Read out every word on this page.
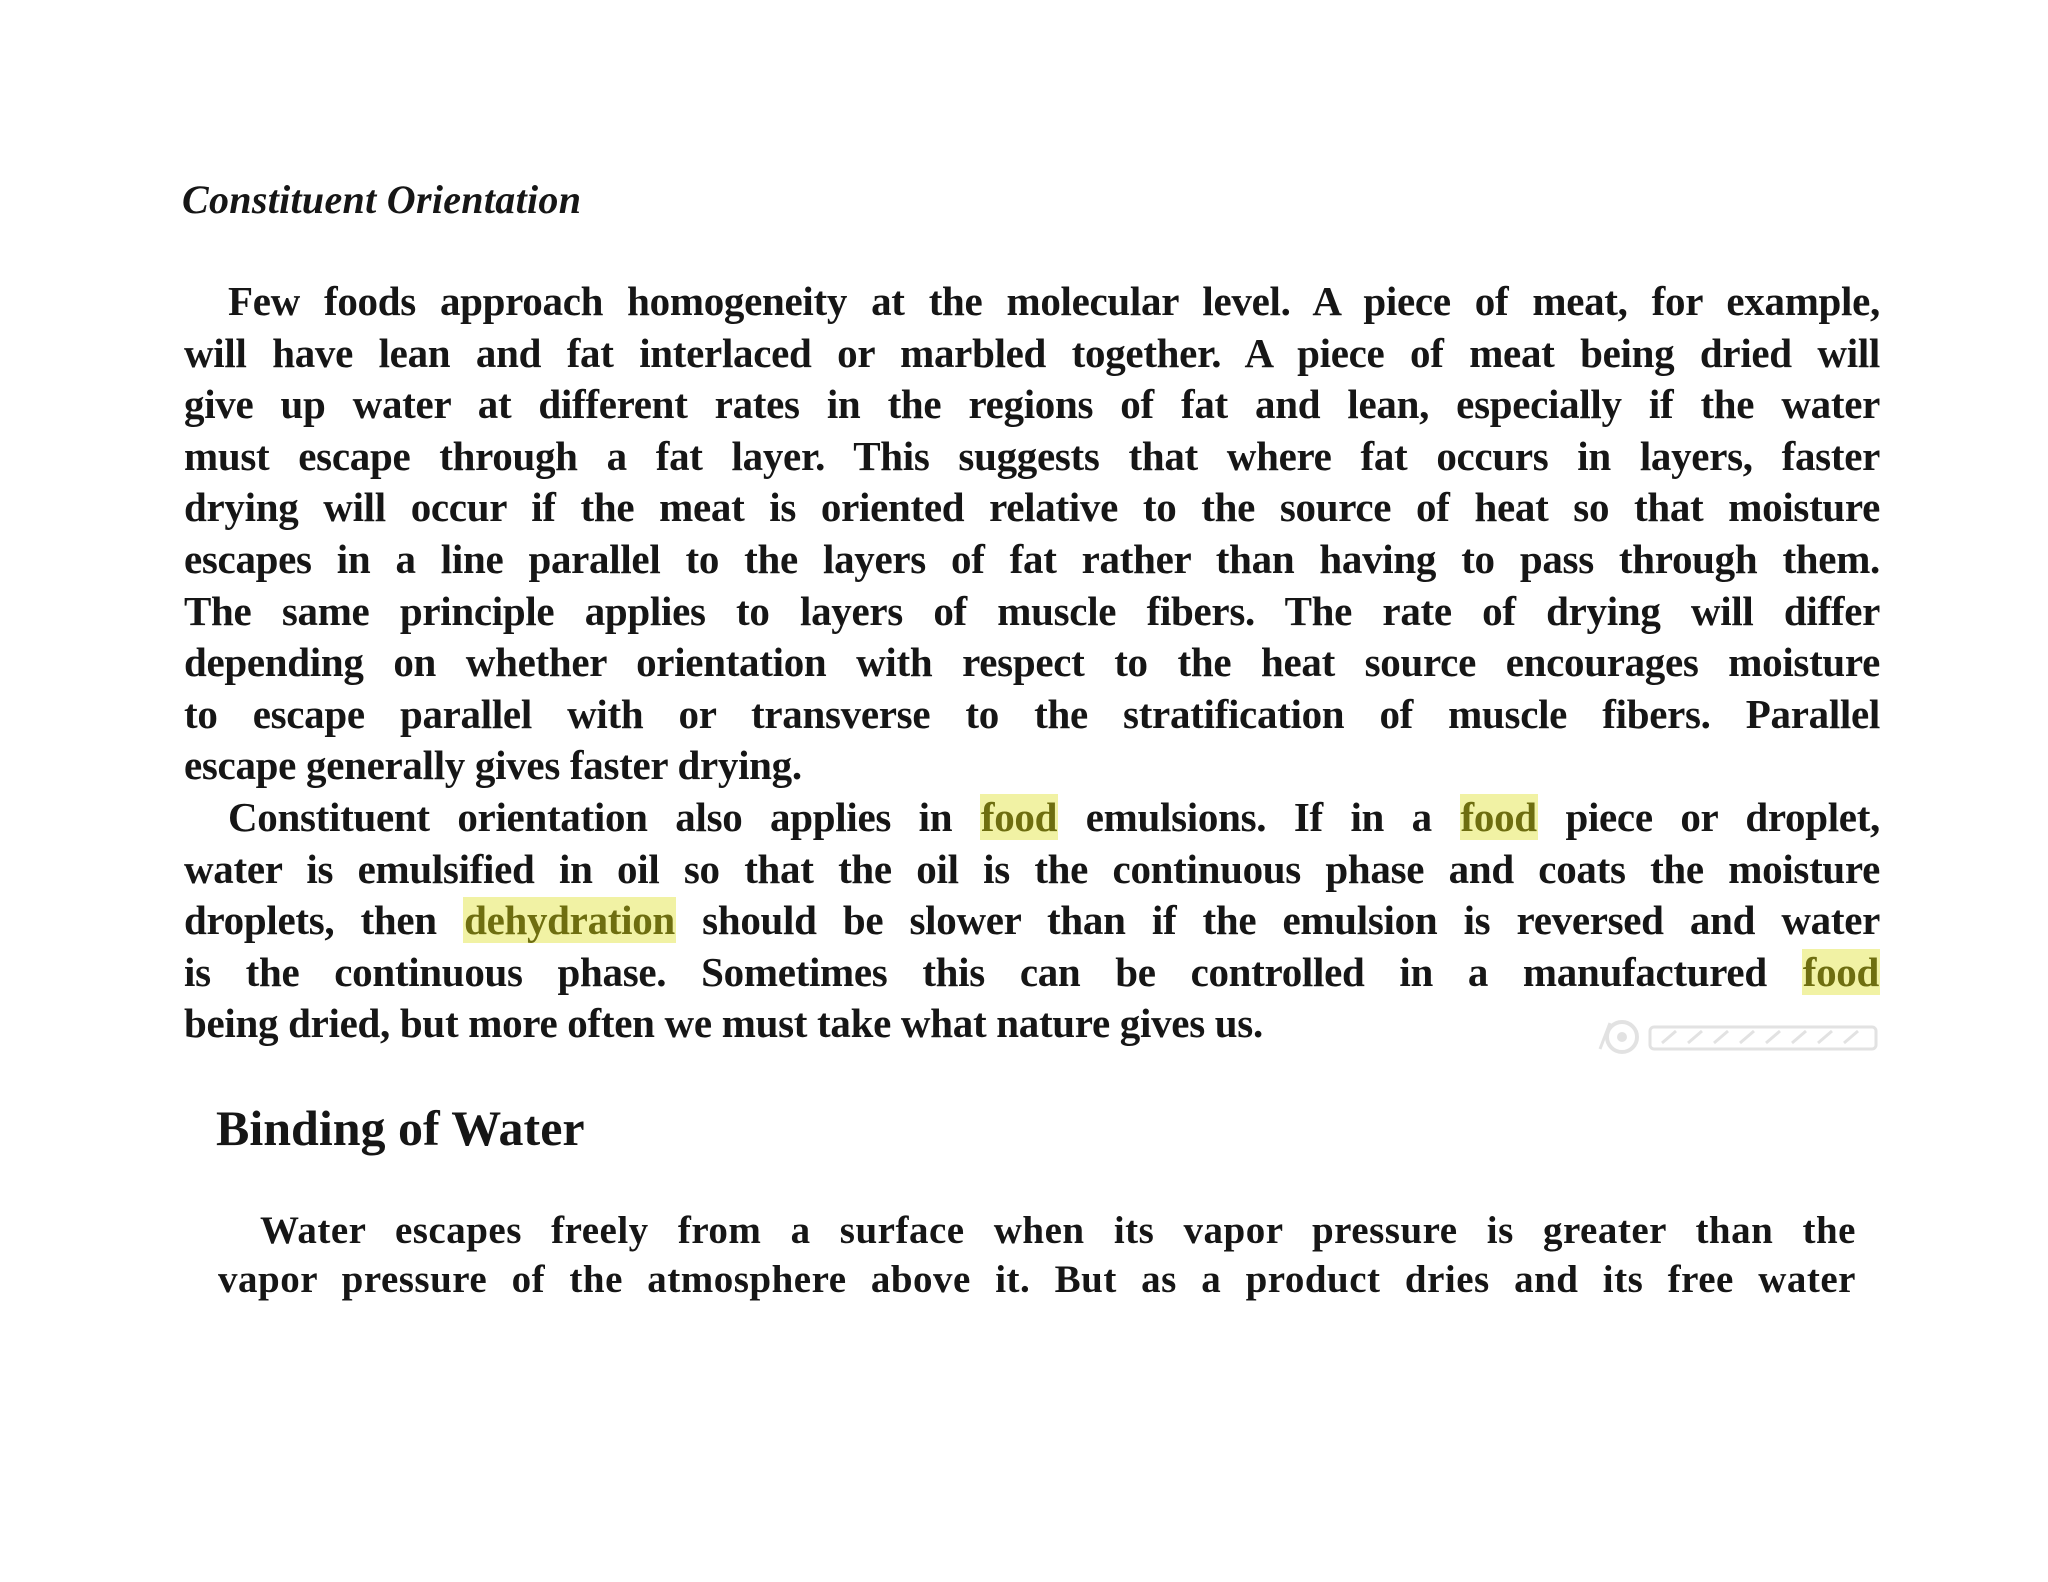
Constituent Orientation
Few foods approach homogeneity at the molecular level. A piece of meat, for example,
will have lean and fat interlaced or marbled together. A piece of meat being dried will
give up water at different rates in the regions of fat and lean, especially if the water
must escape through a fat layer. This suggests that where fat occurs in layers, faster
drying will occur if the meat is oriented relative to the source of heat so that moisture
escapes in a line parallel to the layers of fat rather than having to pass through them.
The same principle applies to layers of muscle fibers. The rate of drying will differ
depending on whether orientation with respect to the heat source encourages moisture
to escape parallel with or transverse to the stratification of muscle fibers. Parallel
escape generally gives faster drying.
Constituent orientation also applies in food emulsions. If in a food piece or droplet,
water is emulsified in oil so that the oil is the continuous phase and coats the moisture
droplets, then dehydration should be slower than if the emulsion is reversed and water
is the continuous phase. Sometimes this can be controlled in a manufactured food
being dried, but more often we must take what nature gives us.
Binding of Water
Water escapes freely from a surface when its vapor pressure is greater than the
vapor pressure of the atmosphere above it. But as a product dries and its free water
